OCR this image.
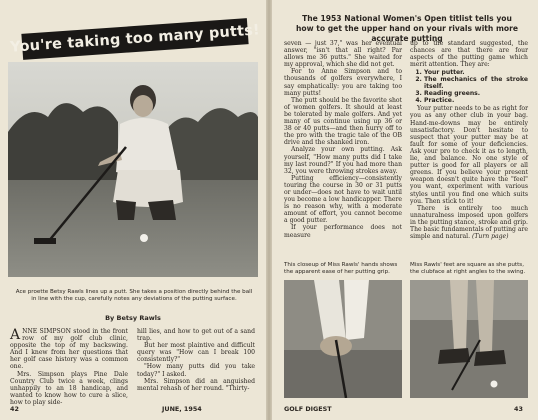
You're taking too many putts!
Ace proette Betsy Rawls lines up a putt. She takes a position directly behind the ball in line with the cup, carefully notes any deviations of the putting surface.
By Betsy Rawls

ANNE SIMPSON stood in the front row of my golf club clinic, opposite the top of my backswing. And I knew from her questions that her golf case history was a common one.

Mrs. Simpson plays Pine Dale Country Club twice a week, clings unhappily to an 18 handicap, and wanted to know how to cure a slice, how to play side-

hill lies, and how to get out of a sand trap.

But her most plaintive and difficult query was "How can I break 100 consistently?"

"How many putts did you take today?" I asked.

Mrs. Simpson did an anguished mental rehash of her round. "Thirty-

42	JUNE, 1954
The 1953 National Women's Open titlist tells you how to get the upper hand on your rivals with more accurate putting

seven — just 37," was her eventual answer, "isn't that all right? Par allows me 36 putts." She waited for my approval, which she did not get.

For to Anne Simpson and to thousands of golfers everywhere, I say emphatically: you are taking too many putts!

The putt should be the favorite shot of women golfers. It should at least be tolerated by male golfers. And yet many of us continue using up 36 or 38 or 40 putts—and then hurry off to the pro with the tragic tale of the OB drive and the shanked iron.

Analyze your own putting. Ask yourself, "How many putts did I take my last round?" If you had more than 32, you were throwing strokes away.

Putting efficiency—consistently touring the course in 30 or 31 putts or under—does not have to wait until you become a low handicapper. There is no reason why, with a moderate amount of effort, you cannot become a good putter.

If your performance does not measure

up to the standard suggested, the chances are that there are four aspects of the putting game which merit attention. They are:

1. Your putter.
2. The mechanics of the stroke itself.
3. Reading greens.
4. Practice.

Your putter needs to be as right for you as any other club in your bag. Hand-me-downs may be entirely unsatisfactory. Don't hesitate to suspect that your putter may be at fault for some of your deficiencies. Ask your pro to check it as to length, lie, and balance. No one style of putter is good for all players or all greens. If you believe your present weapon doesn't quite have the "feel" you want, experiment with various styles until you find one which suits you. Then stick to it!

There is entirely too much unnaturalness imposed upon golfers in the putting stance, stroke and grip. The basic fundamentals of putting are simple and natural. (Turn page)

This closeup of Miss Rawls' hands shows the apparent ease of her putting grip.
Miss Rawls' feet are square as she putts, the clubface at right angles to the swing.
GOLF DIGEST	43
